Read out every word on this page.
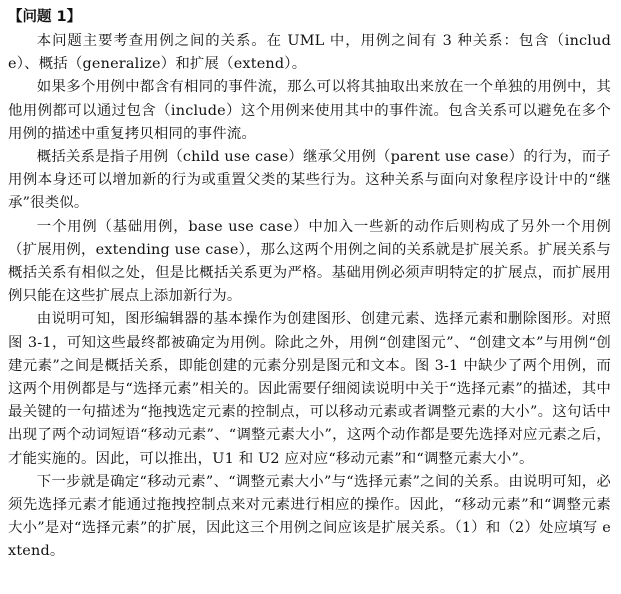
【问题 1】

本问题主要考查用例之间的关系。在 UML 中，用例之间有 3 种关系：包含（include）、概括（generalize）和扩展（extend）。

如果多个用例中都含有相同的事件流，那么可以将其抽取出来放在一个单独的用例中，其他用例都可以通过包含（include）这个用例来使用其中的事件流。包含关系可以避免在多个用例的描述中重复拷贝相同的事件流。

概括关系是指子用例（child use case）继承父用例（parent use case）的行为，而子用例本身还可以增加新的行为或重置父类的某些行为。这种关系与面向对象程序设计中的“继承”很类似。

一个用例（基础用例，base use case）中加入一些新的动作后则构成了另外一个用例（扩展用例，extending use case），那么这两个用例之间的关系就是扩展关系。扩展关系与概括关系有相似之处，但是比概括关系更为严格。基础用例必须声明特定的扩展点，而扩展用例只能在这些扩展点上添加新行为。

由说明可知，图形编辑器的基本操作为创建图形、创建元素、选择元素和删除图形。对照图 3-1，可知这些最终都被确定为用例。除此之外，用例“创建图元”、“创建文本”与用例“创建元素”之间是概括关系，即能创建的元素分别是图元和文本。图 3-1 中缺少了两个用例，而这两个用例都是与“选择元素”相关的。因此需要仔细阅读说明中关于“选择元素”的描述，其中最关键的一句描述为“拖拽选定元素的控制点，可以移动元素或者调整元素的大小”。这句话中出现了两个动词短语“移动元素”、“调整元素大小”，这两个动作都是要先选择对应元素之后，才能实施的。因此，可以推出，U1 和 U2 应对应“移动元素”和“调整元素大小”。

下一步就是确定“移动元素”、“调整元素大小”与“选择元素”之间的关系。由说明可知，必须先选择元素才能通过拖拽控制点来对元素进行相应的操作。因此，“移动元素”和“调整元素大小”是对“选择元素”的扩展，因此这三个用例之间应该是扩展关系。（1）和（2）处应填写 extend。
